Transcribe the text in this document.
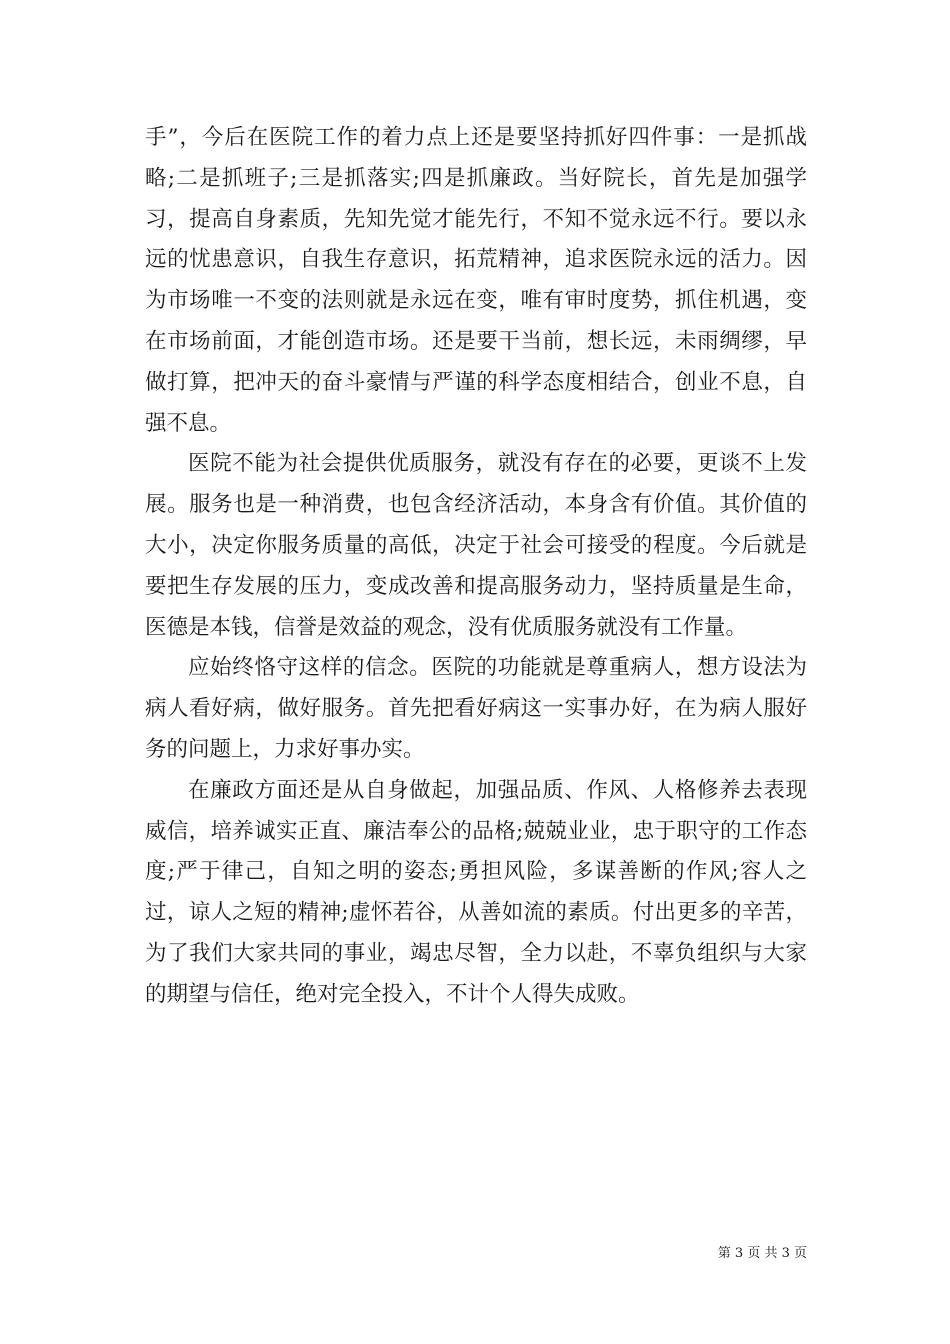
手”，今后在医院工作的着力点上还是要坚持抓好四件事：一是抓战略;二是抓班子;三是抓落实;四是抓廉政。当好院长，首先是加强学习，提高自身素质，先知先觉才能先行，不知不觉永远不行。要以永远的忧患意识，自我生存意识，拓荒精神，追求医院永远的活力。因为市场唯一不变的法则就是永远在变，唯有审时度势，抓住机遇，变在市场前面，才能创造市场。还是要干当前，想长远，未雨绸缪，早做打算，把冲天的奋斗豪情与严谨的科学态度相结合，创业不息，自强不息。

医院不能为社会提供优质服务，就没有存在的必要，更谈不上发展。服务也是一种消费，也包含经济活动，本身含有价值。其价值的大小，决定你服务质量的高低，决定于社会可接受的程度。今后就是要把生存发展的压力，变成改善和提高服务动力，坚持质量是生命，医德是本钱，信誉是效益的观念，没有优质服务就没有工作量。

应始终恪守这样的信念。医院的功能就是尊重病人，想方设法为病人看好病，做好服务。首先把看好病这一实事办好，在为病人服好务的问题上，力求好事办实。

在廉政方面还是从自身做起，加强品质、作风、人格修养去表现威信，培养诚实正直、廉洁奉公的品格;兢兢业业，忠于职守的工作态度;严于律己，自知之明的姿态;勇担风险，多谋善断的作风;容人之过，谅人之短的精神;虚怀若谷，从善如流的素质。付出更多的辛苦，为了我们大家共同的事业，竭忠尽智，全力以赴，不辜负组织与大家的期望与信任，绝对完全投入，不计个人得失成败。

第 3 页 共 3 页
